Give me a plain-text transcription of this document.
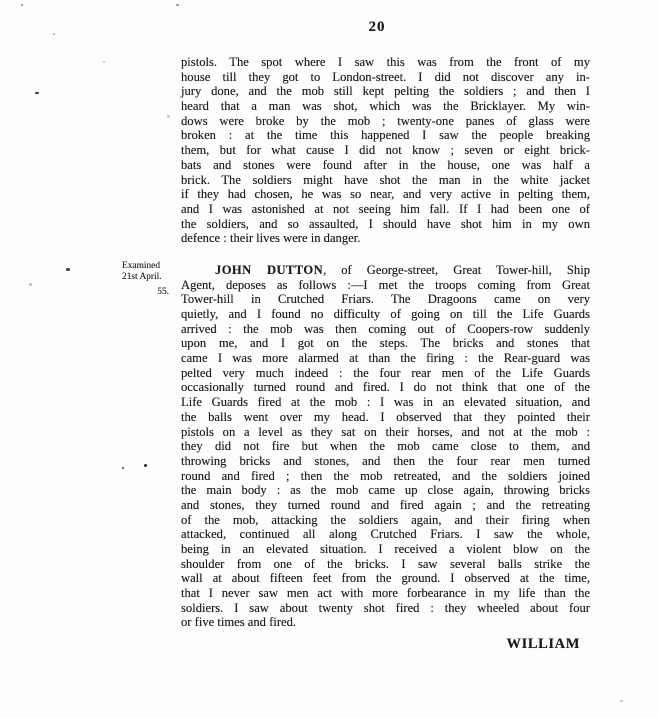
20
Examined
21st April.
55.
pistols. The spot where I saw this was from the front of my
house till they got to London-street. I did not discover any in-
jury done, and the mob still kept pelting the soldiers ; and then I
heard that a man was shot, which was the Bricklayer. My win-
dows were broke by the mob ; twenty-one panes of glass were
broken : at the time this happened I saw the people breaking
them, but for what cause I did not know ; seven or eight brick-
bats and stones were found after in the house, one was half a
brick. The soldiers might have shot the man in the white jacket
if they had chosen, he was so near, and very active in pelting them,
and I was astonished at not seeing him fall. If I had been one of
the soldiers, and so assaulted, I should have shot him in my own
defence : their lives were in danger.
JOHN DUTTON, of George-street, Great Tower-hill, Ship
Agent, deposes as follows :—I met the troops coming from Great
Tower-hill in Crutched Friars. The Dragoons came on very
quietly, and I found no difficulty of going on till the Life Guards
arrived : the mob was then coming out of Coopers-row suddenly
upon me, and I got on the steps. The bricks and stones that
came I was more alarmed at than the firing : the Rear-guard was
pelted very much indeed : the four rear men of the Life Guards
occasionally turned round and fired. I do not think that one of the
Life Guards fired at the mob : I was in an elevated situation, and
the balls went over my head. I observed that they pointed their
pistols on a level as they sat on their horses, and not at the mob :
they did not fire but when the mob came close to them, and
throwing bricks and stones, and then the four rear men turned
round and fired ; then the mob retreated, and the soldiers joined
the main body : as the mob came up close again, throwing bricks
and stones, they turned round and fired again ; and the retreating
of the mob, attacking the soldiers again, and their firing when
attacked, continued all along Crutched Friars. I saw the whole,
being in an elevated situation. I received a violent blow on the
shoulder from one of the bricks. I saw several balls strike the
wall at about fifteen feet from the ground. I observed at the time,
that I never saw men act with more forbearance in my life than the
soldiers. I saw about twenty shot fired : they wheeled about four
or five times and fired.
WILLIAM
